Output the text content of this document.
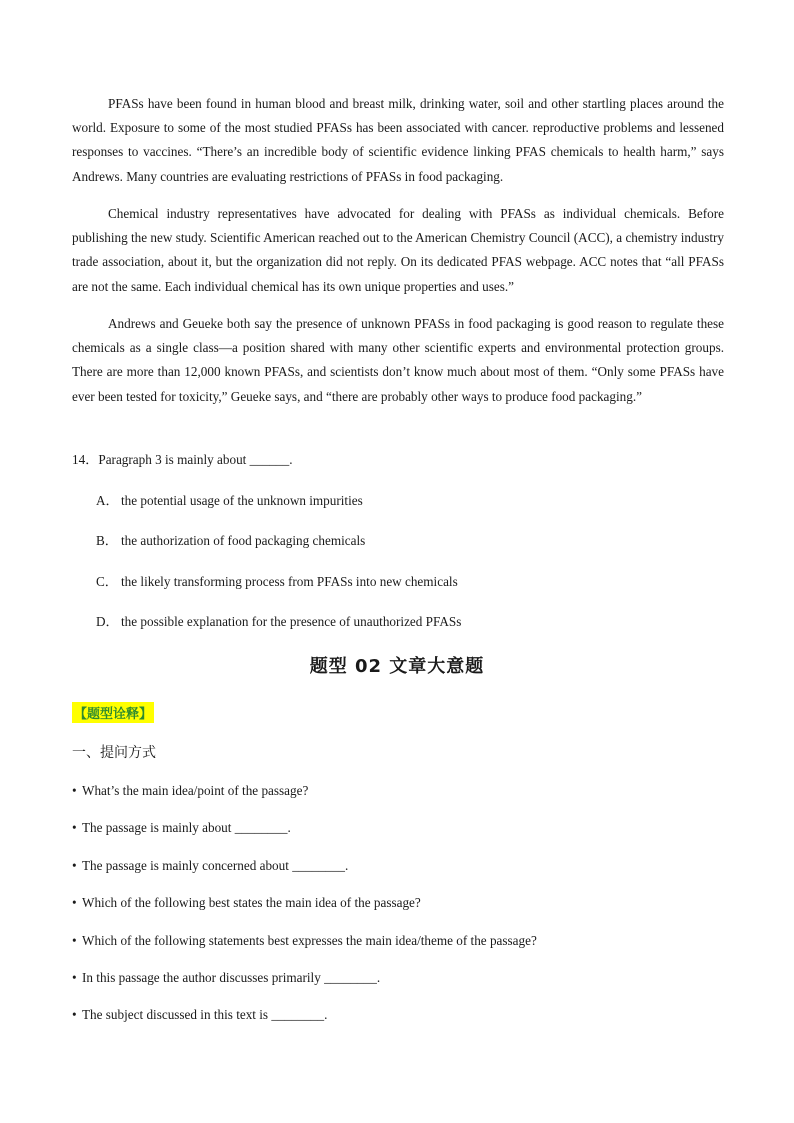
PFASs have been found in human blood and breast milk, drinking water, soil and other startling places around the world. Exposure to some of the most studied PFASs has been associated with cancer. reproductive problems and lessened responses to vaccines. “There’s an incredible body of scientific evidence linking PFAS chemicals to health harm,” says Andrews. Many countries are evaluating restrictions of PFASs in food packaging.

Chemical industry representatives have advocated for dealing with PFASs as individual chemicals. Before publishing the new study. Scientific American reached out to the American Chemistry Council (ACC), a chemistry industry trade association, about it, but the organization did not reply. On its dedicated PFAS webpage. ACC notes that “all PFASs are not the same. Each individual chemical has its own unique properties and uses.”

Andrews and Geueke both say the presence of unknown PFASs in food packaging is good reason to regulate these chemicals as a single class—a position shared with many other scientific experts and environmental protection groups. There are more than 12,000 known PFASs, and scientists don’t know much about most of them. “Only some PFASs have ever been tested for toxicity,” Geueke says, and “there are probably other ways to produce food packaging.”

14．Paragraph 3 is mainly about ______.

A． the potential usage of the unknown impurities

B． the authorization of food packaging chemicals

C． the likely transforming process from PFASs into new chemicals

D． the possible explanation for the presence of unauthorized PFASs

题型 02 文章大意题

【题型诠释】

一、提问方式

• What’s the main idea/point of the passage?

• The passage is mainly about ________.

• The passage is mainly concerned about ________.

• Which of the following best states the main idea of the passage?

• Which of the following statements best expresses the main idea/theme of the passage?

• In this passage the author discusses primarily ________.

• The subject discussed in this text is ________.
